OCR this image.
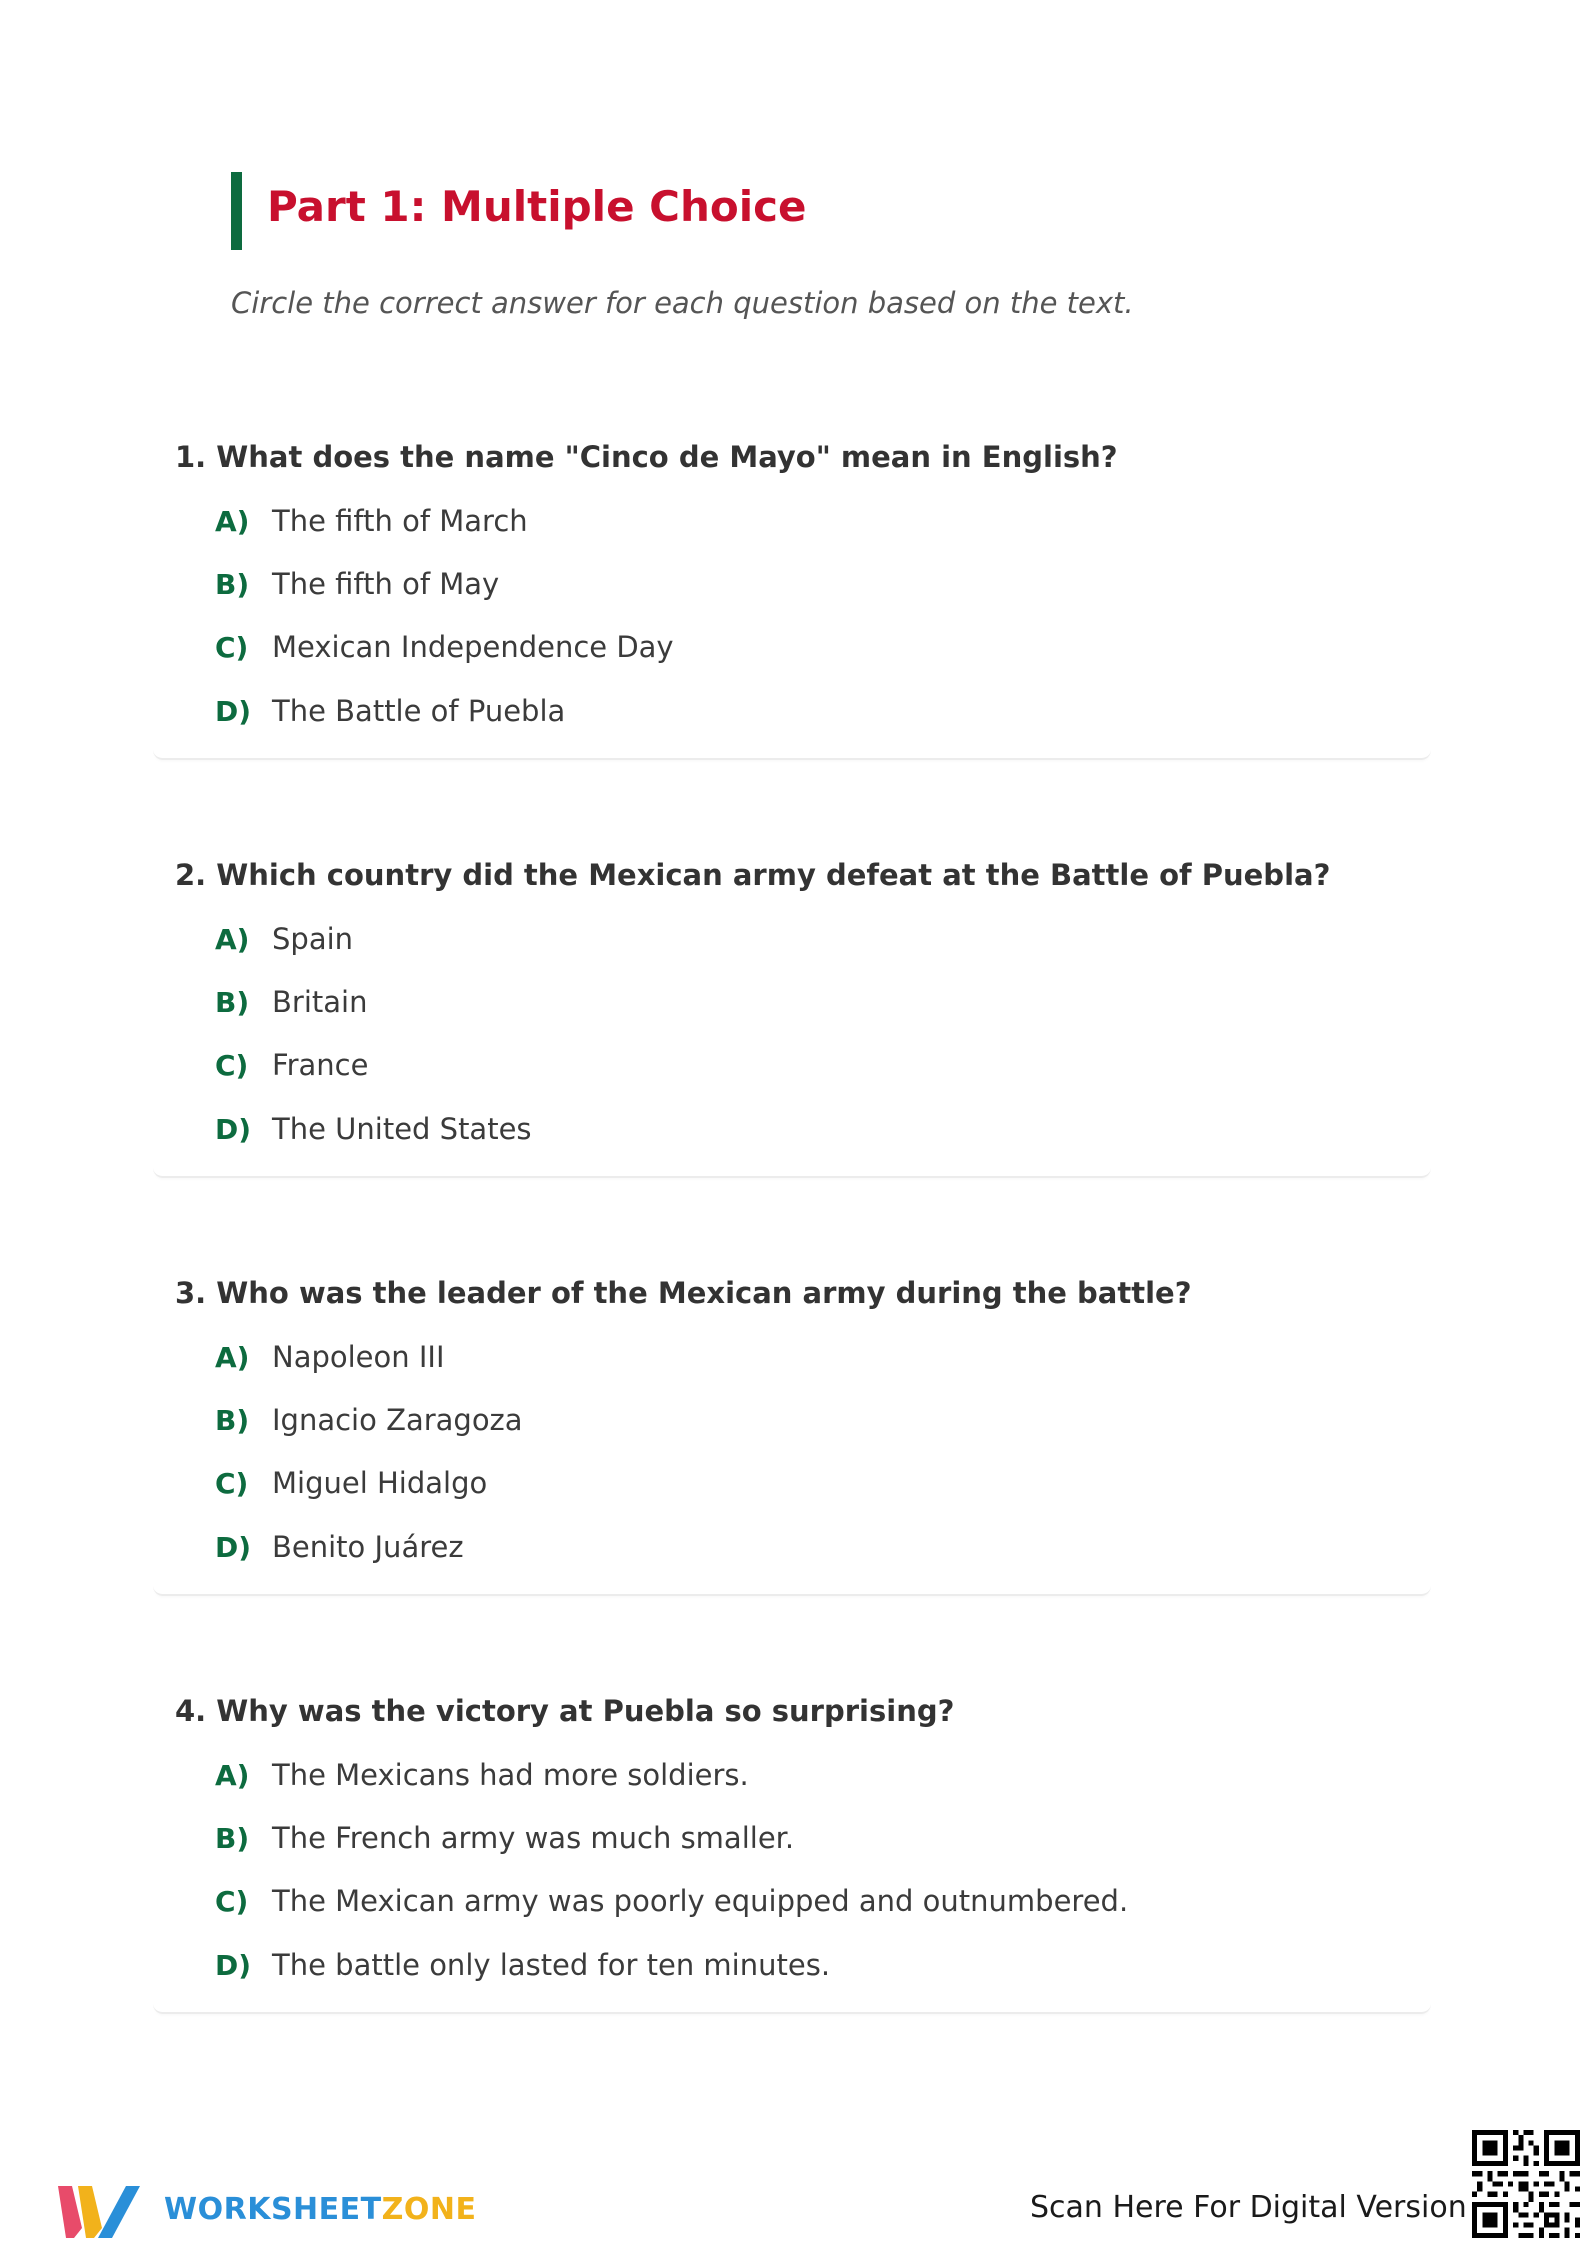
Part 1: Multiple Choice
Circle the correct answer for each question based on the text.
1. What does the name "Cinco de Mayo" mean in English?
A) The fifth of March
B) The fifth of May
C) Mexican Independence Day
D) The Battle of Puebla
2. Which country did the Mexican army defeat at the Battle of Puebla?
A) Spain
B) Britain
C) France
D) The United States
3. Who was the leader of the Mexican army during the battle?
A) Napoleon III
B) Ignacio Zaragoza
C) Miguel Hidalgo
D) Benito Juárez
4. Why was the victory at Puebla so surprising?
A) The Mexicans had more soldiers.
B) The French army was much smaller.
C) The Mexican army was poorly equipped and outnumbered.
D) The battle only lasted for ten minutes.
WORKSHEETZONE	Scan Here For Digital Version
